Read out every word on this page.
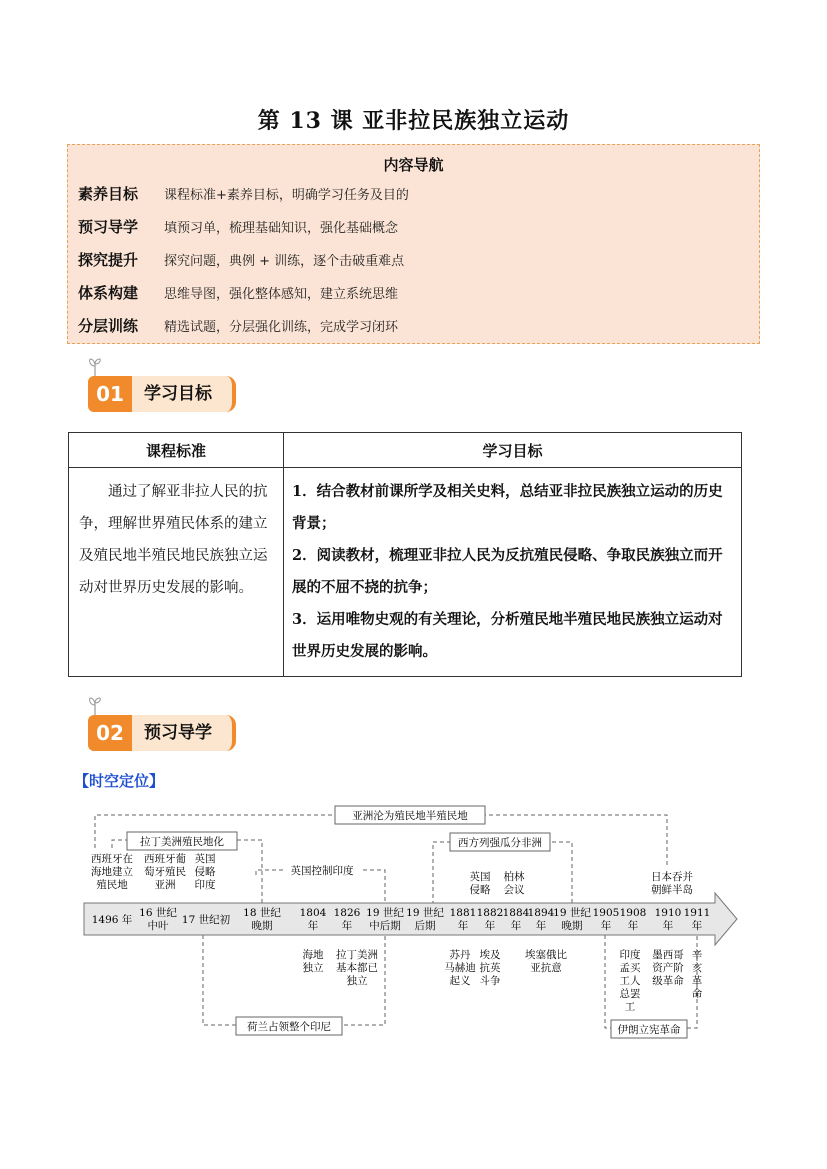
第 13 课 亚非拉民族独立运动
内容导航
素养目标 课程标准+素养目标，明确学习任务及目的
预习导学 填预习单，梳理基础知识，强化基础概念
探究提升 探究问题，典例 + 训练，逐个击破重难点
体系构建 思维导图，强化整体感知，建立系统思维
分层训练 精选试题，分层强化训练，完成学习闭环
01	学习目标
课程标准	学习目标
通过了解亚非拉人民的抗争，理解世界殖民体系的建立及殖民地半殖民地民族独立运动对世界历史发展的影响。	1．结合教材前课所学及相关史料，总结亚非拉民族独立运动的历史背景；
2．阅读教材，梳理亚非拉人民为反抗殖民侵略、争取民族独立而开展的不屈不挠的抗争；
3．运用唯物史观的有关理论，分析殖民地半殖民地民族独立运动对世界历史发展的影响。
02	预习导学
【时空定位】
亚洲沦为殖民地半殖民地
拉丁美洲殖民地化	西方列强瓜分非洲
英国控制印度
荷兰占领整个印尼	伊朗立宪革命
1496 年
16 世纪中叶	17 世纪初
18 世纪晚期
1804 年
1826 年
19 世纪中后期
19 世纪后期
1881 年
1882 年
1884 年
1894 年
19 世纪晚期
1905 年
1908 年
1910 年
1911 年
西班牙在海地建立殖民地
西班牙葡萄牙殖民亚洲
英国侵略印度
英国侵略
柏林会议
日本吞并朝鲜半岛
海地独立
拉丁美洲基本都已独立
苏丹马赫迪起义
埃及抗英斗争
埃塞俄比亚抗意
印度孟买工人总罢工
墨西哥资产阶级革命
辛亥革命
